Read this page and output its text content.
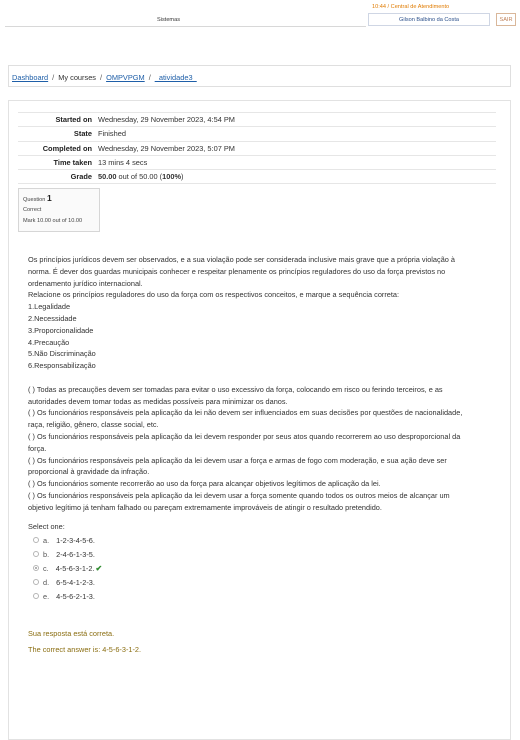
10:44 / Central de Atendimento
Sistemas	Gilson Balbino da Costa	SAIR
Dashboard / My courses / OMPVPGM / _atividade3_
Started on	Wednesday, 29 November 2023, 4:54 PM
State	Finished
Completed on	Wednesday, 29 November 2023, 5:07 PM
Time taken	13 mins 4 secs
Grade	50.00 out of 50.00 (100%)
Question 1
Correct
Mark 10.00 out of 10.00

Os princípios jurídicos devem ser observados, e a sua violação pode ser considerada inclusive mais grave que a própria violação à

norma. É dever dos guardas municipais conhecer e respeitar plenamente os princípios reguladores do uso da força previstos no

ordenamento jurídico internacional.

Relacione os princípios reguladores do uso da força com os respectivos conceitos, e marque a sequência correta:

1.Legalidade

2.Necessidade

3.Proporcionalidade

4.Precaução

5.Não Discriminação

6.Responsabilização

( ) Todas as precauções devem ser tomadas para evitar o uso excessivo da força, colocando em risco ou ferindo terceiros, e as

autoridades devem tomar todas as medidas possíveis para minimizar os danos.

( ) Os funcionários responsáveis pela aplicação da lei não devem ser influenciados em suas decisões por questões de nacionalidade,

raça, religião, gênero, classe social, etc.

( ) Os funcionários responsáveis pela aplicação da lei devem responder por seus atos quando recorrerem ao uso desproporcional da

força.

( ) Os funcionários responsáveis pela aplicação da lei devem usar a força e armas de fogo com moderação, e sua ação deve ser

proporcional à gravidade da infração.

( ) Os funcionários somente recorrerão ao uso da força para alcançar objetivos legítimos de aplicação da lei.

( ) Os funcionários responsáveis pela aplicação da lei devem usar a força somente quando todos os outros meios de alcançar um

objetivo legítimo já tenham falhado ou pareçam extremamente improváveis de atingir o resultado pretendido.

Select one:
a. 1-2-3-4-5-6.
b. 2-4-6-1-3-5.
c. 4-5-6-3-1-2.✔
d. 6-5-4-1-2-3.
e. 4-5-6-2-1-3.
Sua resposta está correta.
The correct answer is: 4-5-6-3-1-2.
